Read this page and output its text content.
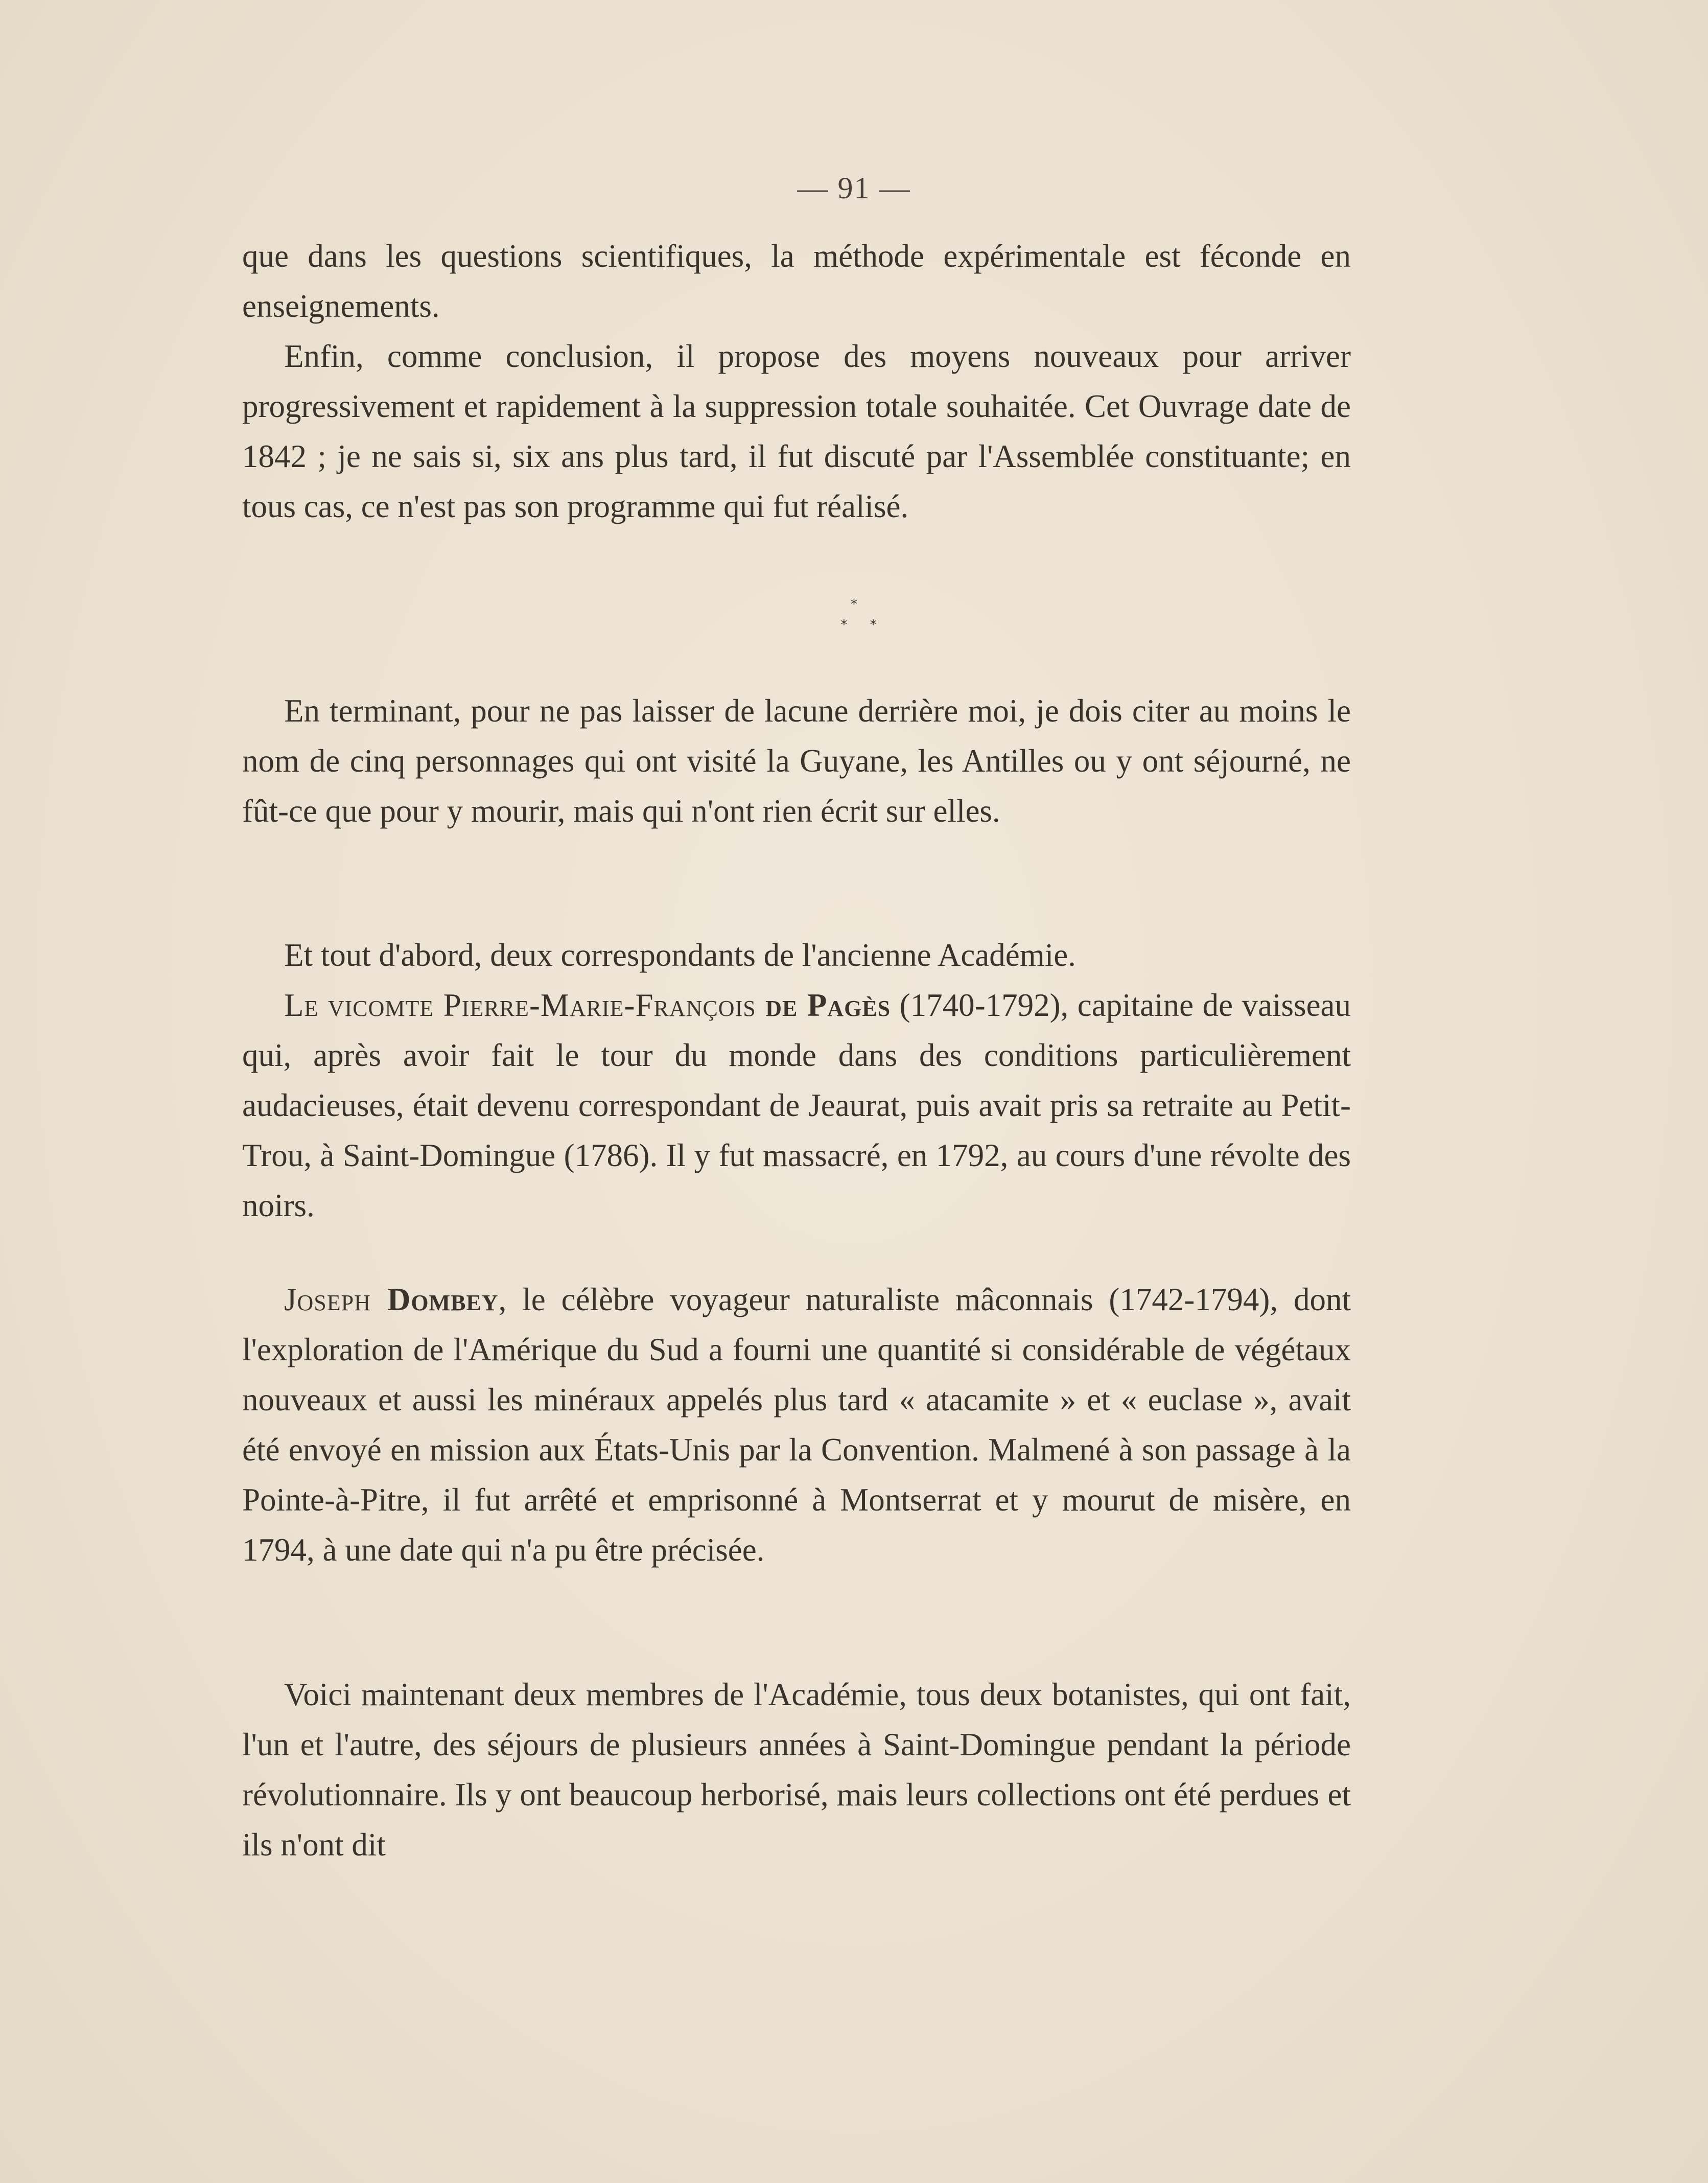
— 91 —

que dans les questions scientifiques, la méthode expérimentale est féconde en enseignements.

Enfin, comme conclusion, il propose des moyens nouveaux pour arriver progressivement et rapidement à la suppression totale souhaitée. Cet Ouvrage date de 1842 ; je ne sais si, six ans plus tard, il fut discuté par l'Assemblée constituante; en tous cas, ce n'est pas son programme qui fut réalisé.

*
* *

En terminant, pour ne pas laisser de lacune derrière moi, je dois citer au moins le nom de cinq personnages qui ont visité la Guyane, les Antilles ou y ont séjourné, ne fût-ce que pour y mourir, mais qui n'ont rien écrit sur elles.

Et tout d'abord, deux correspondants de l'ancienne Académie.

Le vicomte Pierre-Marie-François de Pagès (1740-1792), capitaine de vaisseau qui, après avoir fait le tour du monde dans des conditions particulièrement audacieuses, était devenu correspondant de Jeaurat, puis avait pris sa retraite au Petit-Trou, à Saint-Domingue (1786). Il y fut massacré, en 1792, au cours d'une révolte des noirs.

Joseph Dombey, le célèbre voyageur naturaliste mâconnais (1742-1794), dont l'exploration de l'Amérique du Sud a fourni une quantité si considérable de végétaux nouveaux et aussi les minéraux appelés plus tard « atacamite » et « euclase », avait été envoyé en mission aux États-Unis par la Convention. Malmené à son passage à la Pointe-à-Pitre, il fut arrêté et emprisonné à Montserrat et y mourut de misère, en 1794, à une date qui n'a pu être précisée.

Voici maintenant deux membres de l'Académie, tous deux botanistes, qui ont fait, l'un et l'autre, des séjours de plusieurs années à Saint-Domingue pendant la période révolutionnaire. Ils y ont beaucoup herborisé, mais leurs collections ont été perdues et ils n'ont dit
